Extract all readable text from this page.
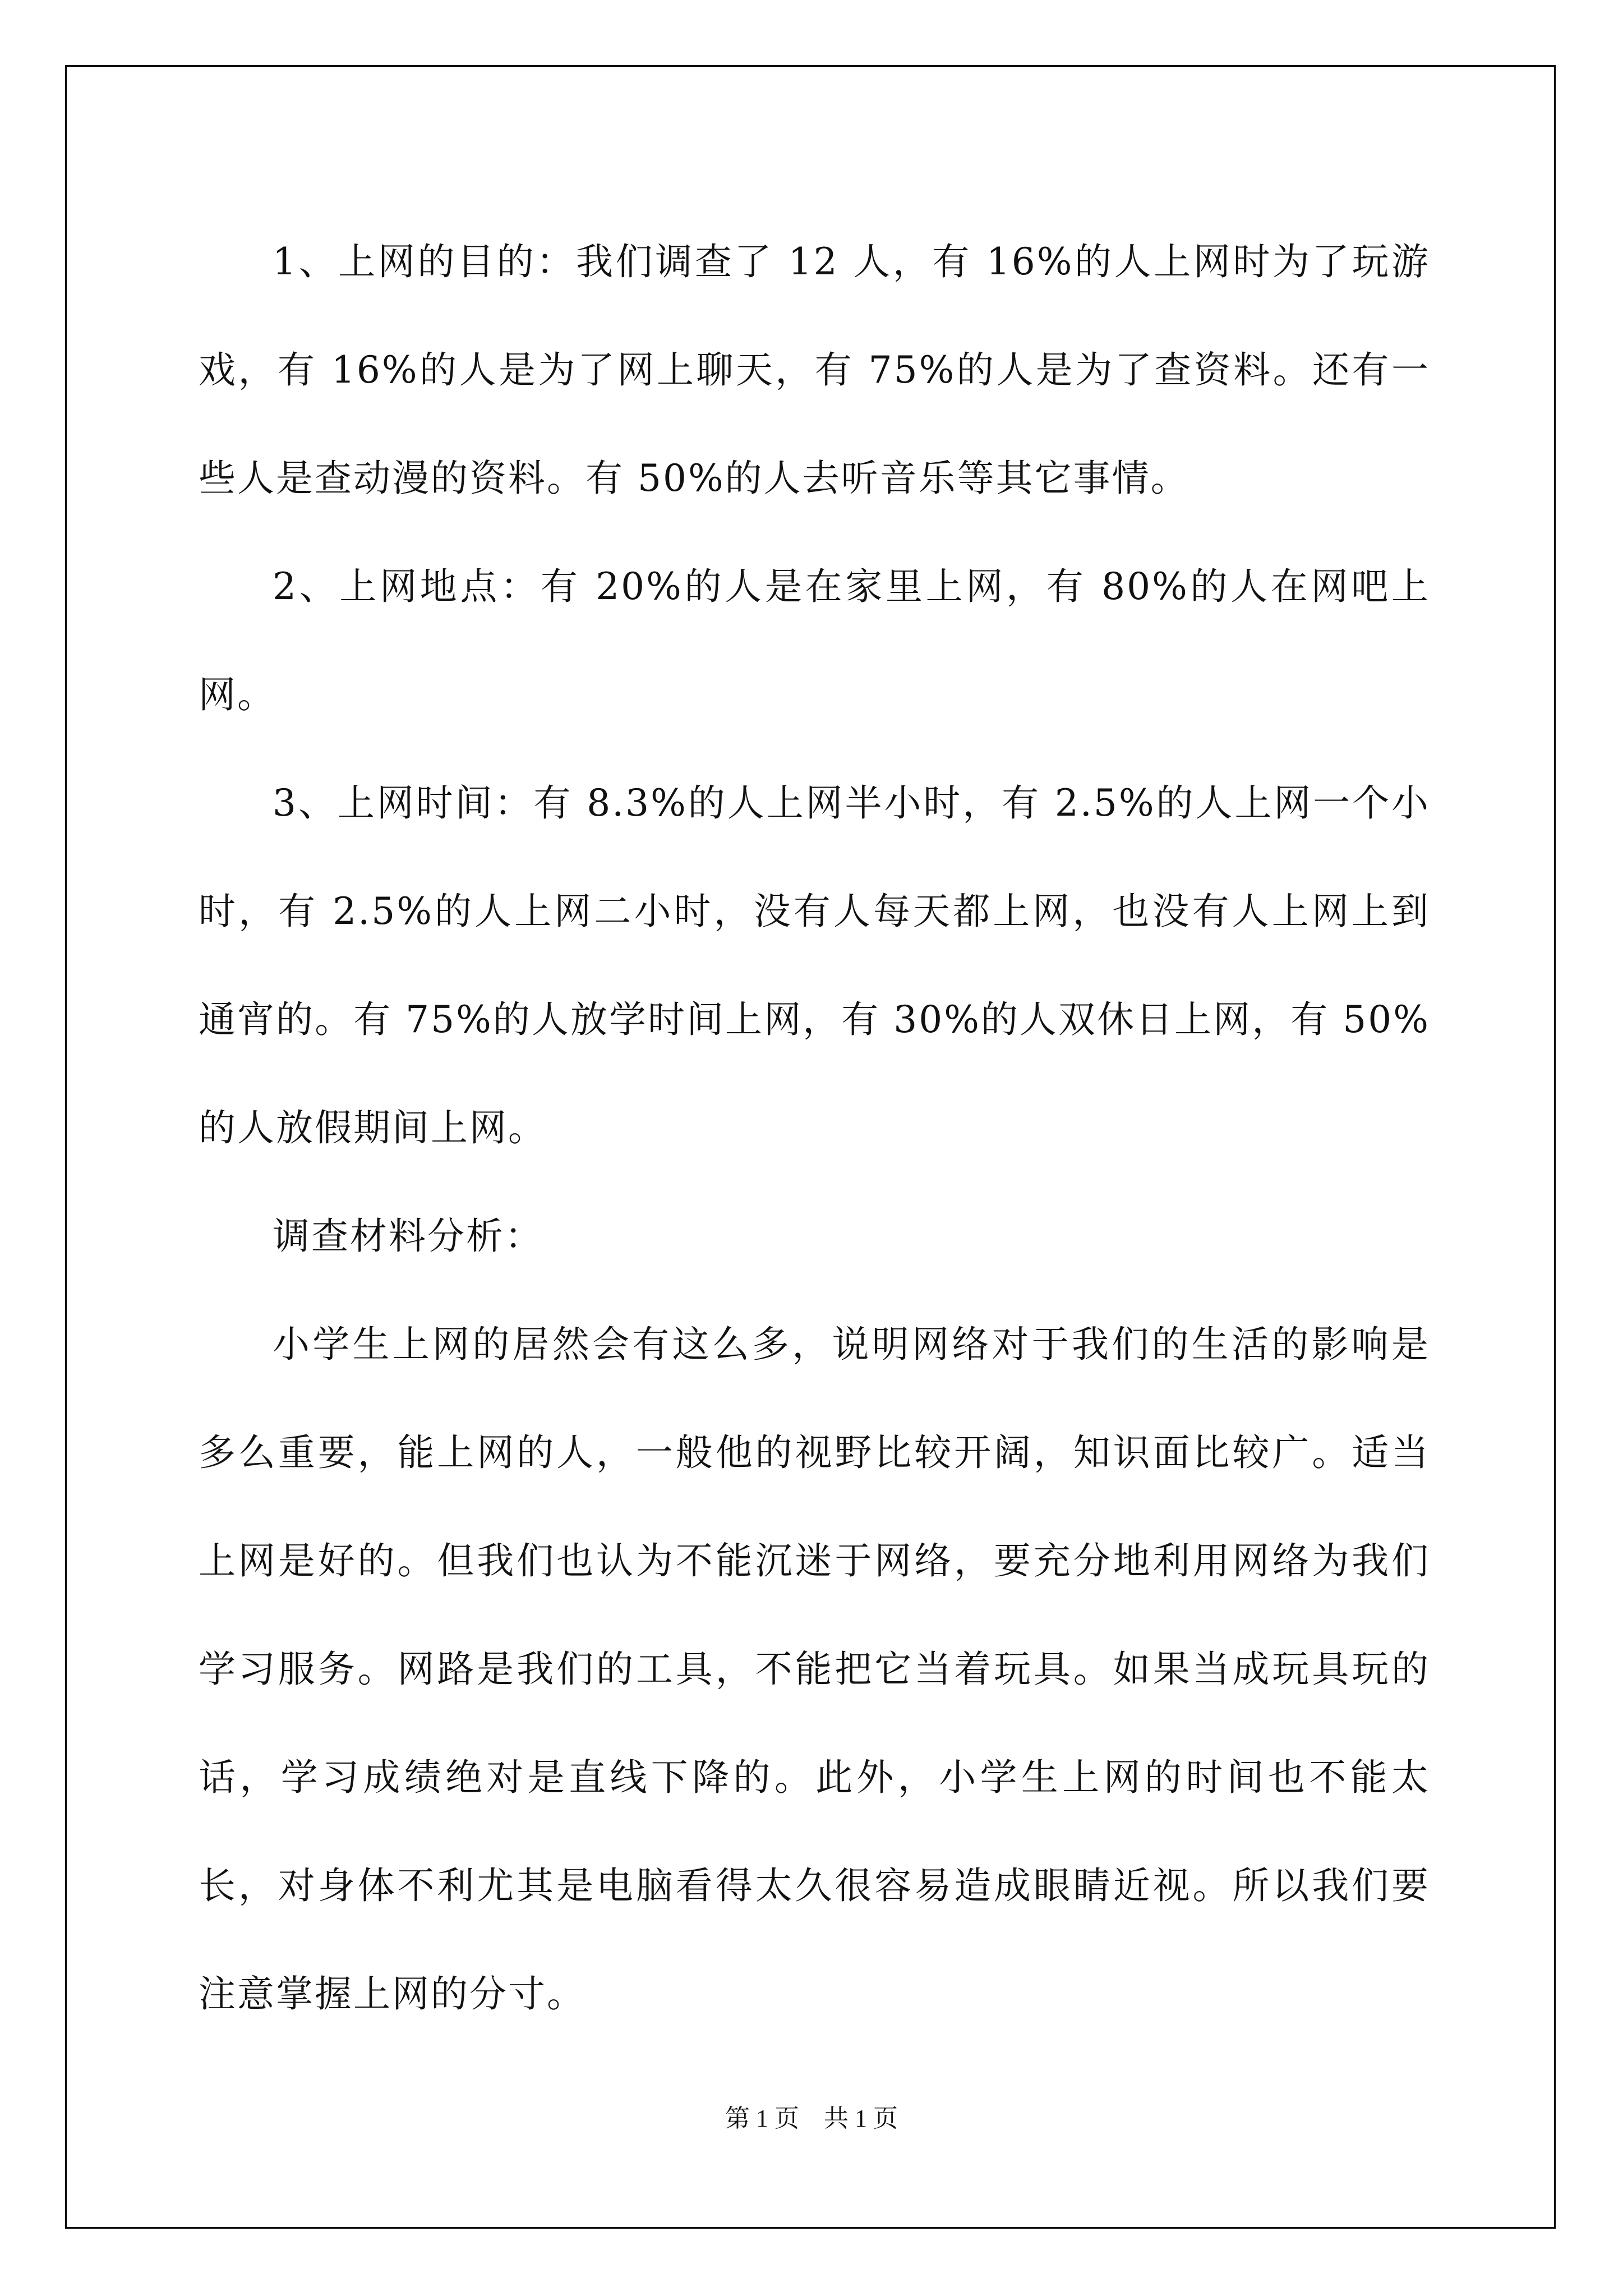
1、上网的目的：我们调查了 12 人，有 16%的人上网时为了玩游戏，有 16%的人是为了网上聊天，有 75%的人是为了查资料。还有一些人是查动漫的资料。有 50%的人去听音乐等其它事情。

2、上网地点：有 20%的人是在家里上网，有 80%的人在网吧上网。

3、上网时间：有 8.3%的人上网半小时，有 2.5%的人上网一个小时，有 2.5%的人上网二小时，没有人每天都上网，也没有人上网上到通宵的。有 75%的人放学时间上网，有 30%的人双休日上网，有 50%的人放假期间上网。

调查材料分析：

小学生上网的居然会有这么多，说明网络对于我们的生活的影响是多么重要，能上网的人，一般他的视野比较开阔，知识面比较广。适当上网是好的。但我们也认为不能沉迷于网络，要充分地利用网络为我们学习服务。网路是我们的工具，不能把它当着玩具。如果当成玩具玩的话，学习成绩绝对是直线下降的。此外，小学生上网的时间也不能太长，对身体不利尤其是电脑看得太久很容易造成眼睛近视。所以我们要注意掌握上网的分寸。

第 1 页 共 1 页
